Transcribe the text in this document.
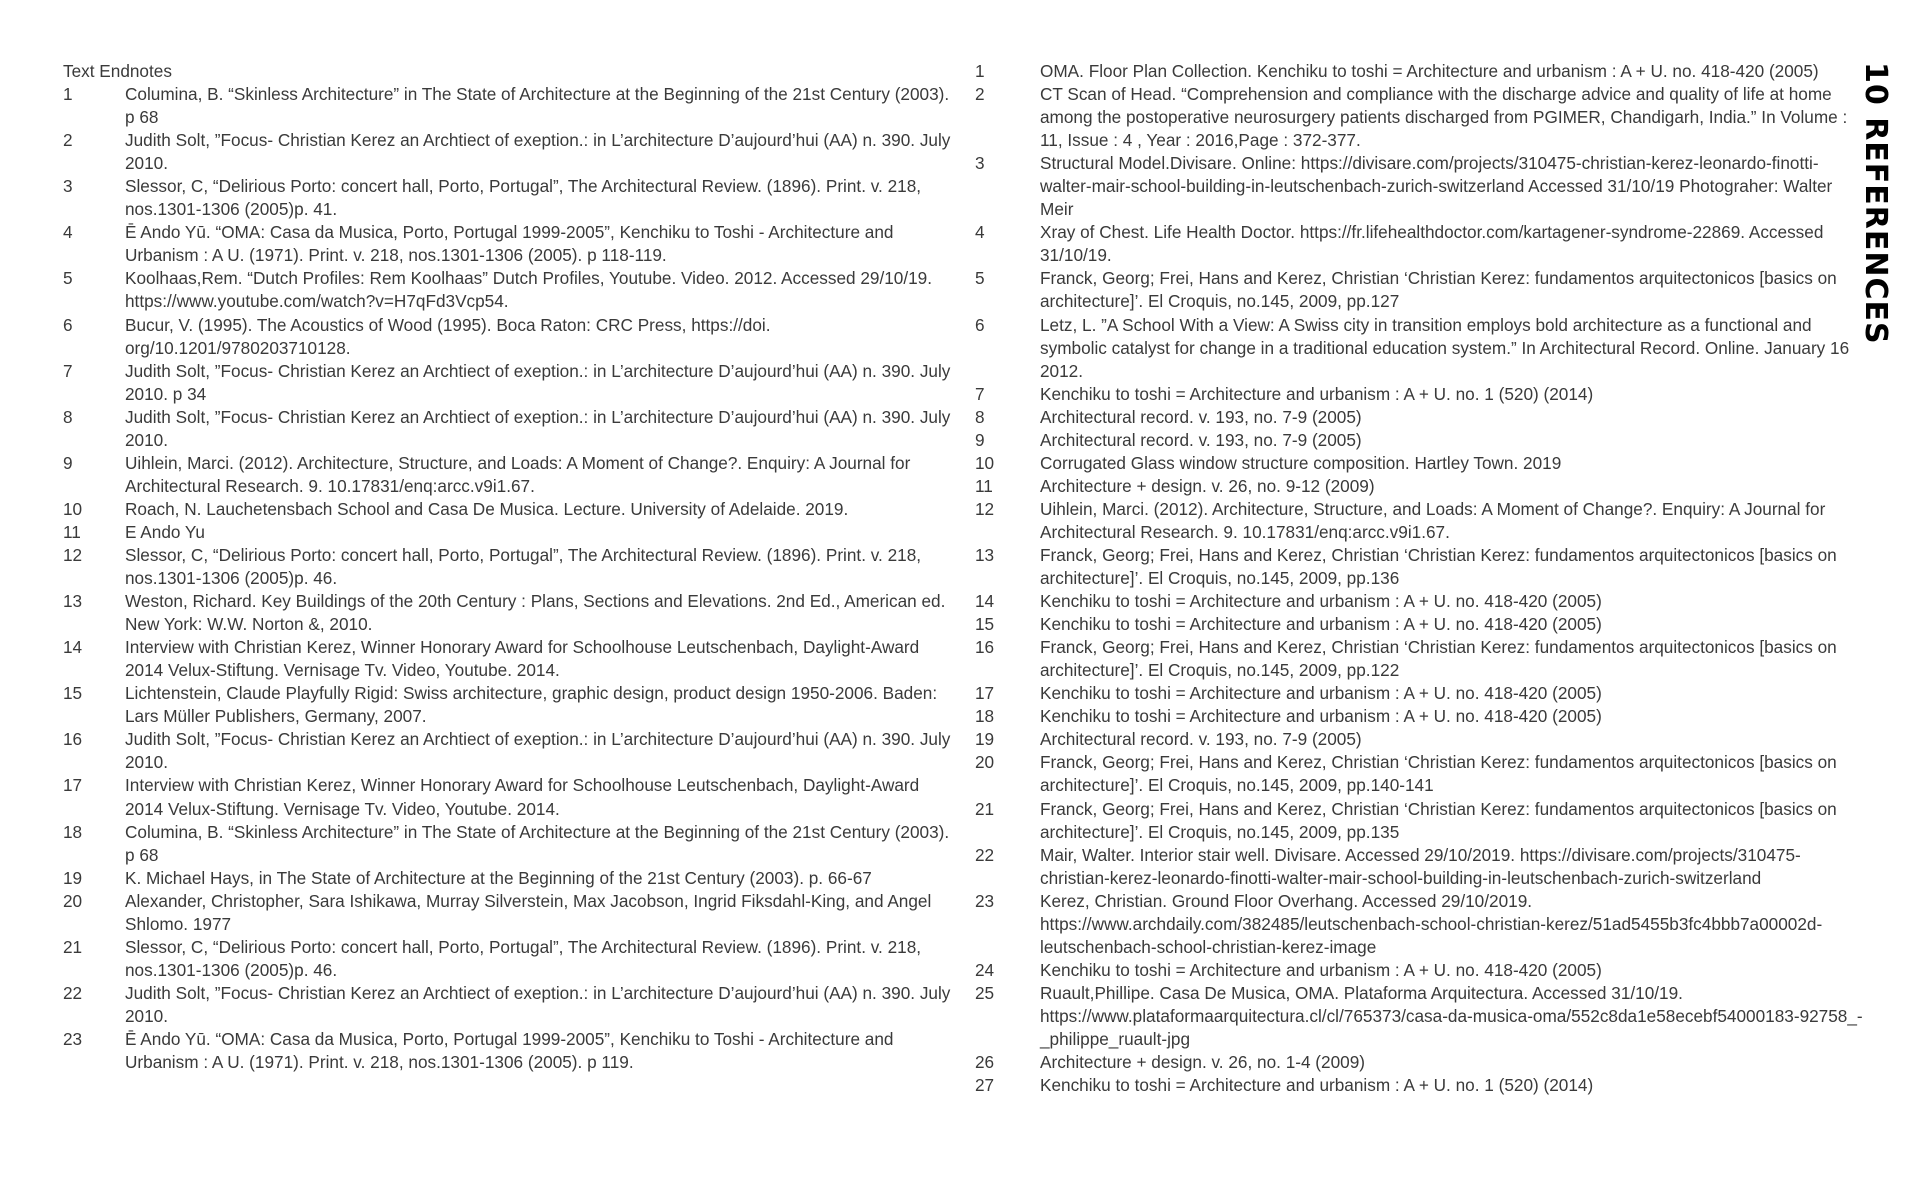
Text Endnotes
1	Columina, B. “Skinless Architecture” in The State of Architecture at the Beginning of the 21st Century (2003). p 68
2	Judith Solt, ”Focus- Christian Kerez an Archtiect of exeption.: in L’architecture D’aujourd’hui (AA) n. 390. July 2010.
3	Slessor, C, “Delirious Porto: concert hall, Porto, Portugal”, The Architectural Review. (1896). Print. v. 218, nos.1301-1306 (2005)p. 41.
4	Ē Ando Yū. “OMA: Casa da Musica, Porto, Portugal 1999-2005”, Kenchiku to Toshi - Architecture and Urbanism : A U. (1971). Print. v. 218, nos.1301-1306 (2005). p 118-119.
5	Koolhaas,Rem. “Dutch Profiles: Rem Koolhaas” Dutch Profiles, Youtube. Video. 2012. Accessed 29/10/19. https://www.youtube.com/watch?v=H7qFd3Vcp54.
6	Bucur, V. (1995). The Acoustics of Wood (1995). Boca Raton: CRC Press, https://doi. org/10.1201/9780203710128.
7	Judith Solt, ”Focus- Christian Kerez an Archtiect of exeption.: in L’architecture D’aujourd’hui (AA) n. 390. July 2010. p 34
8	Judith Solt, ”Focus- Christian Kerez an Archtiect of exeption.: in L’architecture D’aujourd’hui (AA) n. 390. July 2010.
9	Uihlein, Marci. (2012). Architecture, Structure, and Loads: A Moment of Change?. Enquiry: A Journal for Architectural Research. 9. 10.17831/enq:arcc.v9i1.67.
10	Roach, N. Lauchetensbach School and Casa De Musica. Lecture. University of Adelaide. 2019.
11	E Ando Yu
12	Slessor, C, “Delirious Porto: concert hall, Porto, Portugal”, The Architectural Review. (1896). Print. v. 218, nos.1301-1306 (2005)p. 46.
13	Weston, Richard. Key Buildings of the 20th Century : Plans, Sections and Elevations. 2nd Ed., American ed. New York: W.W. Norton &, 2010.
14	Interview with Christian Kerez, Winner Honorary Award for Schoolhouse Leutschenbach, Daylight-Award 2014 Velux-Stiftung. Vernisage Tv. Video, Youtube. 2014.
15	Lichtenstein, Claude Playfully Rigid: Swiss architecture, graphic design, product design 1950-2006. Baden: Lars Müller Publishers, Germany, 2007.
16	Judith Solt, ”Focus- Christian Kerez an Archtiect of exeption.: in L’architecture D’aujourd’hui (AA) n. 390. July 2010.
17	Interview with Christian Kerez, Winner Honorary Award for Schoolhouse Leutschenbach, Daylight-Award 2014 Velux-Stiftung. Vernisage Tv. Video, Youtube. 2014.
18	Columina, B. “Skinless Architecture” in The State of Architecture at the Beginning of the 21st Century (2003). p 68
19	K. Michael Hays, in The State of Architecture at the Beginning of the 21st Century (2003). p. 66-67
20	Alexander, Christopher, Sara Ishikawa, Murray Silverstein, Max Jacobson, Ingrid Fiksdahl-King, and Angel Shlomo. 1977
21	Slessor, C, “Delirious Porto: concert hall, Porto, Portugal”, The Architectural Review. (1896). Print. v. 218, nos.1301-1306 (2005)p. 46.
22	Judith Solt, ”Focus- Christian Kerez an Archtiect of exeption.: in L’architecture D’aujourd’hui (AA) n. 390. July 2010.
23	Ē Ando Yū. “OMA: Casa da Musica, Porto, Portugal 1999-2005”, Kenchiku to Toshi - Architecture and Urbanism : A U. (1971). Print. v. 218, nos.1301-1306 (2005). p 119.
1	OMA. Floor Plan Collection. Kenchiku to toshi = Architecture and urbanism : A + U. no. 418-420 (2005)
2	CT Scan of Head. “Comprehension and compliance with the discharge advice and quality of life at home among the postoperative neurosurgery patients discharged from PGIMER, Chandigarh, India.” In Volume : 11, Issue : 4 , Year : 2016,Page : 372-377.
3	Structural Model.Divisare. Online: https://divisare.com/projects/310475-christian-kerez-leonardo-finotti-walter-mair-school-building-in-leutschenbach-zurich-switzerland Accessed 31/10/19 Photograher: Walter Meir
4	Xray of Chest. Life Health Doctor. https://fr.lifehealthdoctor.com/kartagener-syndrome-22869. Accessed 31/10/19.
5	Franck, Georg; Frei, Hans and Kerez, Christian ‘Christian Kerez: fundamentos arquitectonicos [basics on architecture]’. El Croquis, no.145, 2009, pp.127
6	Letz, L. ”A School With a View: A Swiss city in transition employs bold architecture as a functional and symbolic catalyst for change in a traditional education system.” In Architectural Record. Online. January 16 2012.
7	Kenchiku to toshi = Architecture and urbanism : A + U. no. 1 (520) (2014)
8	Architectural record. v. 193, no. 7-9 (2005)
9	Architectural record. v. 193, no. 7-9 (2005)
10	Corrugated Glass window structure composition. Hartley Town. 2019
11	Architecture + design. v. 26, no. 9-12 (2009)
12	Uihlein, Marci. (2012). Architecture, Structure, and Loads: A Moment of Change?. Enquiry: A Journal for Architectural Research. 9. 10.17831/enq:arcc.v9i1.67.
13	Franck, Georg; Frei, Hans and Kerez, Christian ‘Christian Kerez: fundamentos arquitectonicos [basics on architecture]’. El Croquis, no.145, 2009, pp.136
14	Kenchiku to toshi = Architecture and urbanism : A + U. no. 418-420 (2005)
15	Kenchiku to toshi = Architecture and urbanism : A + U. no. 418-420 (2005)
16	Franck, Georg; Frei, Hans and Kerez, Christian ‘Christian Kerez: fundamentos arquitectonicos [basics on architecture]’. El Croquis, no.145, 2009, pp.122
17	Kenchiku to toshi = Architecture and urbanism : A + U. no. 418-420 (2005)
18	Kenchiku to toshi = Architecture and urbanism : A + U. no. 418-420 (2005)
19	Architectural record. v. 193, no. 7-9 (2005)
20	Franck, Georg; Frei, Hans and Kerez, Christian ‘Christian Kerez: fundamentos arquitectonicos [basics on architecture]’. El Croquis, no.145, 2009, pp.140-141
21	Franck, Georg; Frei, Hans and Kerez, Christian ‘Christian Kerez: fundamentos arquitectonicos [basics on architecture]’. El Croquis, no.145, 2009, pp.135
22	Mair, Walter. Interior stair well. Divisare. Accessed 29/10/2019. https://divisare.com/projects/310475-christian-kerez-leonardo-finotti-walter-mair-school-building-in-leutschenbach-zurich-switzerland
23	Kerez, Christian. Ground Floor Overhang. Accessed 29/10/2019. https://www.archdaily.com/382485/leutschenbach-school-christian-kerez/51ad5455b3fc4bbb7a00002d-leutschenbach-school-christian-kerez-image
24	Kenchiku to toshi = Architecture and urbanism : A + U. no. 418-420 (2005)
25	Ruault,Phillipe. Casa De Musica, OMA. Plataforma Arquitectura. Accessed 31/10/19. https://www.plataformaarquitectura.cl/cl/765373/casa-da-musica-oma/552c8da1e58ecebf54000183-92758_-_philippe_ruault-jpg
26	Architecture + design. v. 26, no. 1-4 (2009)
27	Kenchiku to toshi = Architecture and urbanism : A + U. no. 1 (520) (2014)
10 REFERENCES
